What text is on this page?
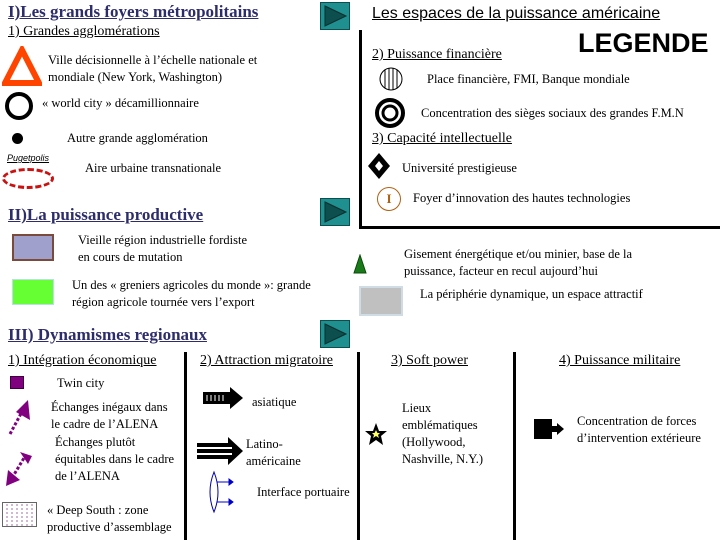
I)Les grands foyers métropolitains
1) Grandes agglomérations
Ville décisionnelle à l’échelle nationale et
mondiale (New York, Washington)
« world city » décamillionnaire
Autre grande agglomération
Pugetpolis
Aire urbaine transnationale
Les espaces de la puissance américaine
LEGENDE
2) Puissance financière
Place financière, FMI, Banque mondiale
Concentration des sièges sociaux des grandes F.M.N
3) Capacité intellectuelle
Université prestigieuse
I	Foyer d’innovation des hautes technologies
II)La puissance productive
Vieille région industrielle fordiste
en cours de mutation
Un des « greniers agricoles du monde »: grande
région agricole tournée vers l’export
Gisement énergétique et/ou minier, base de la
puissance, facteur en recul aujourd’hui
La périphérie dynamique, un espace attractif
III) Dynamismes regionaux
1) Intégration économique	2) Attraction migratoire	3) Soft power	4) Puissance militaire
Twin city
Échanges inégaux dans
le cadre de l’ALENA
Échanges plutôt
équitables dans le cadre
de l’ALENA
« Deep South : zone
productive d’assemblage
asiatique
Latino-
américaine
Interface portuaire
Lieux
emblématiques
(Hollywood,
Nashville, N.Y.)
Concentration de forces
d’intervention extérieure
